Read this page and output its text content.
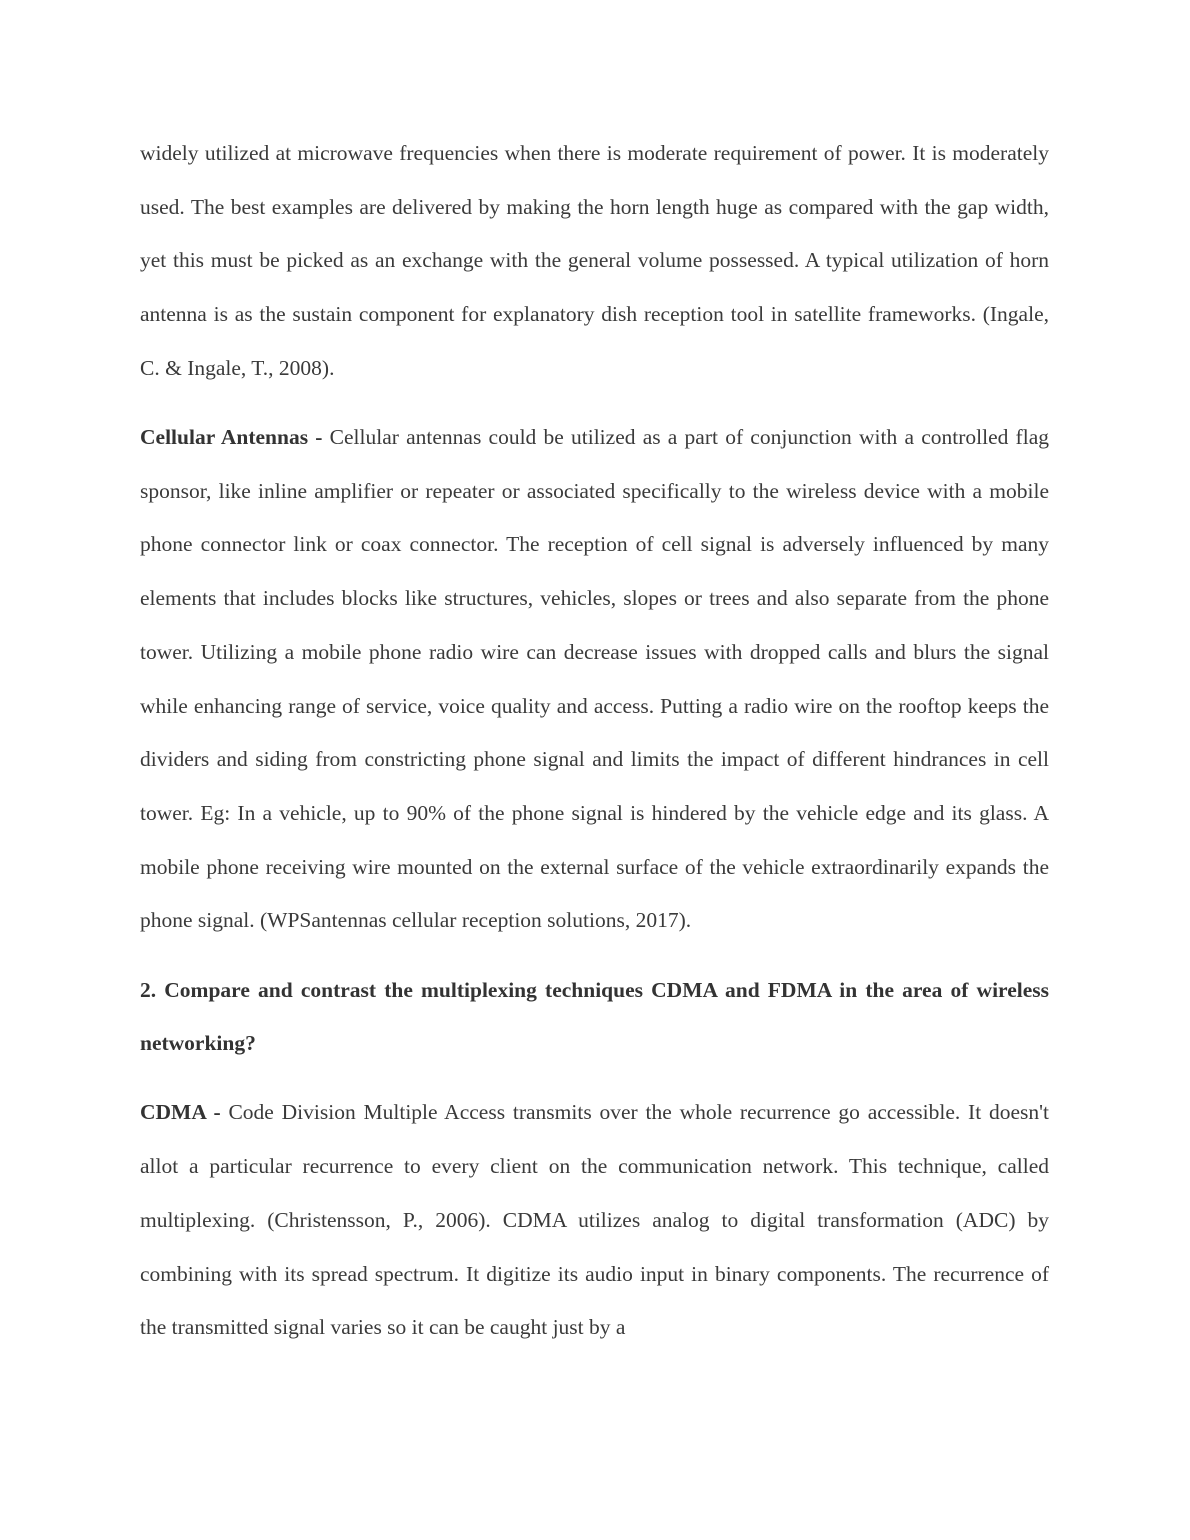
widely utilized at microwave frequencies when there is moderate requirement of power. It is moderately used. The best examples are delivered by making the horn length huge as compared with the gap width, yet this must be picked as an exchange with the general volume possessed. A typical utilization of horn antenna is as the sustain component for explanatory dish reception tool in satellite frameworks. (Ingale, C. & Ingale, T., 2008).

Cellular Antennas - Cellular antennas could be utilized as a part of conjunction with a controlled flag sponsor, like inline amplifier or repeater or associated specifically to the wireless device with a mobile phone connector link or coax connector. The reception of cell signal is adversely influenced by many elements that includes blocks like structures, vehicles, slopes or trees and also separate from the phone tower. Utilizing a mobile phone radio wire can decrease issues with dropped calls and blurs the signal while enhancing range of service, voice quality and access. Putting a radio wire on the rooftop keeps the dividers and siding from constricting phone signal and limits the impact of different hindrances in cell tower. Eg: In a vehicle, up to 90% of the phone signal is hindered by the vehicle edge and its glass. A mobile phone receiving wire mounted on the external surface of the vehicle extraordinarily expands the phone signal. (WPSantennas cellular reception solutions, 2017).

2. Compare and contrast the multiplexing techniques CDMA and FDMA in the area of wireless networking?

CDMA - Code Division Multiple Access transmits over the whole recurrence go accessible. It doesn't allot a particular recurrence to every client on the communication network. This technique, called multiplexing. (Christensson, P., 2006). CDMA utilizes analog to digital transformation (ADC) by combining with its spread spectrum. It digitize its audio input in binary components. The recurrence of the transmitted signal varies so it can be caught just by a
